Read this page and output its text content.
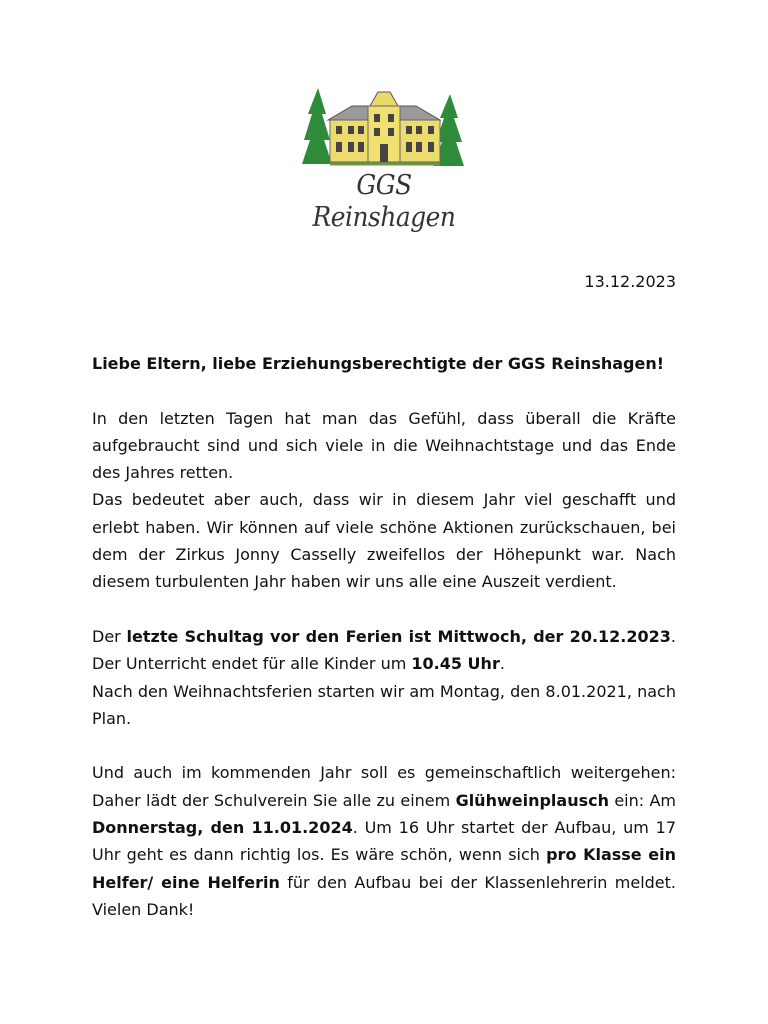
GGS Reinshagen
13.12.2023

Liebe Eltern, liebe Erziehungsberechtigte der GGS Reinshagen!

In den letzten Tagen hat man das Gefühl, dass überall die Kräfte aufgebraucht sind und sich viele in die Weihnachtstage und das Ende des Jahres retten.

Das bedeutet aber auch, dass wir in diesem Jahr viel geschafft und erlebt haben. Wir können auf viele schöne Aktionen zurückschauen, bei dem der Zirkus Jonny Casselly zweifellos der Höhepunkt war. Nach diesem turbulenten Jahr haben wir uns alle eine Auszeit verdient.

Der letzte Schultag vor den Ferien ist Mittwoch, der 20.12.2023. Der Unterricht endet für alle Kinder um 10.45 Uhr.

Nach den Weihnachtsferien starten wir am Montag, den 8.01.2021, nach Plan.

Und auch im kommenden Jahr soll es gemeinschaftlich weitergehen: Daher lädt der Schulverein Sie alle zu einem Glühweinplausch ein: Am Donnerstag, den 11.01.2024. Um 16 Uhr startet der Aufbau, um 17 Uhr geht es dann richtig los. Es wäre schön, wenn sich pro Klasse ein Helfer/ eine Helferin für den Aufbau bei der Klassenlehrerin meldet. Vielen Dank!
